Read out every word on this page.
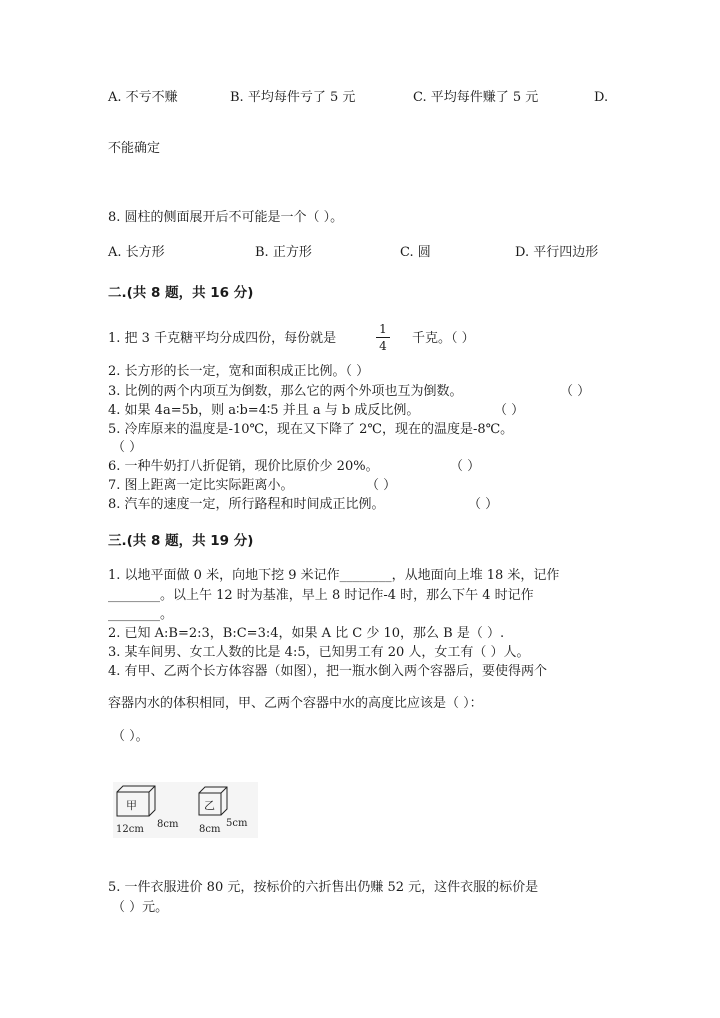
A. 不亏不赚	B. 平均每件亏了 5 元	C. 平均每件赚了 5 元	D.
不能确定
8. 圆柱的侧面展开后不可能是一个（ ）。
A. 长方形	B. 正方形	C. 圆	D. 平行四边形
二.(共 8 题，共 16 分)
1. 把 3 千克糖平均分成四份，每份就是
1
4 千克。（ ）
2. 长方形的长一定，宽和面积成正比例。（ ）
3. 比例的两个内项互为倒数，那么它的两个外项也互为倒数。	（ ）
4. 如果 4a=5b，则 a∶b=4∶5 并且 a 与 b 成反比例。	（ ）
5. 冷库原来的温度是-10℃，现在又下降了 2℃，现在的温度是-8℃。
（ ）
6. 一种牛奶打八折促销，现价比原价少 20%。	（ ）
7. 图上距离一定比实际距离小。	（ ）
8. 汽车的速度一定，所行路程和时间成正比例。	（ ）
三.(共 8 题，共 19 分)
1. 以地平面做 0 米，向地下挖 9 米记作________，从地面向上堆 18 米，记作
________。以上午 12 时为基准，早上 8 时记作-4 时，那么下午 4 时记作
________。
2. 已知 A:B=2:3，B:C=3:4，如果 A 比 C 少 10，那么 B 是（ ）.
3. 某车间男、女工人数的比是 4:5，已知男工有 20 人，女工有（ ）人。
4. 有甲、乙两个长方体容器（如图），把一瓶水倒入两个容器后，要使得两个
容器内水的体积相同，甲、乙两个容器中水的高度比应该是（ ）：
（ ）。
甲
12cm 8cm
乙
8cm
5cm
5. 一件衣服进价 80 元，按标价的六折售出仍赚 52 元，这件衣服的标价是
（ ）元。
